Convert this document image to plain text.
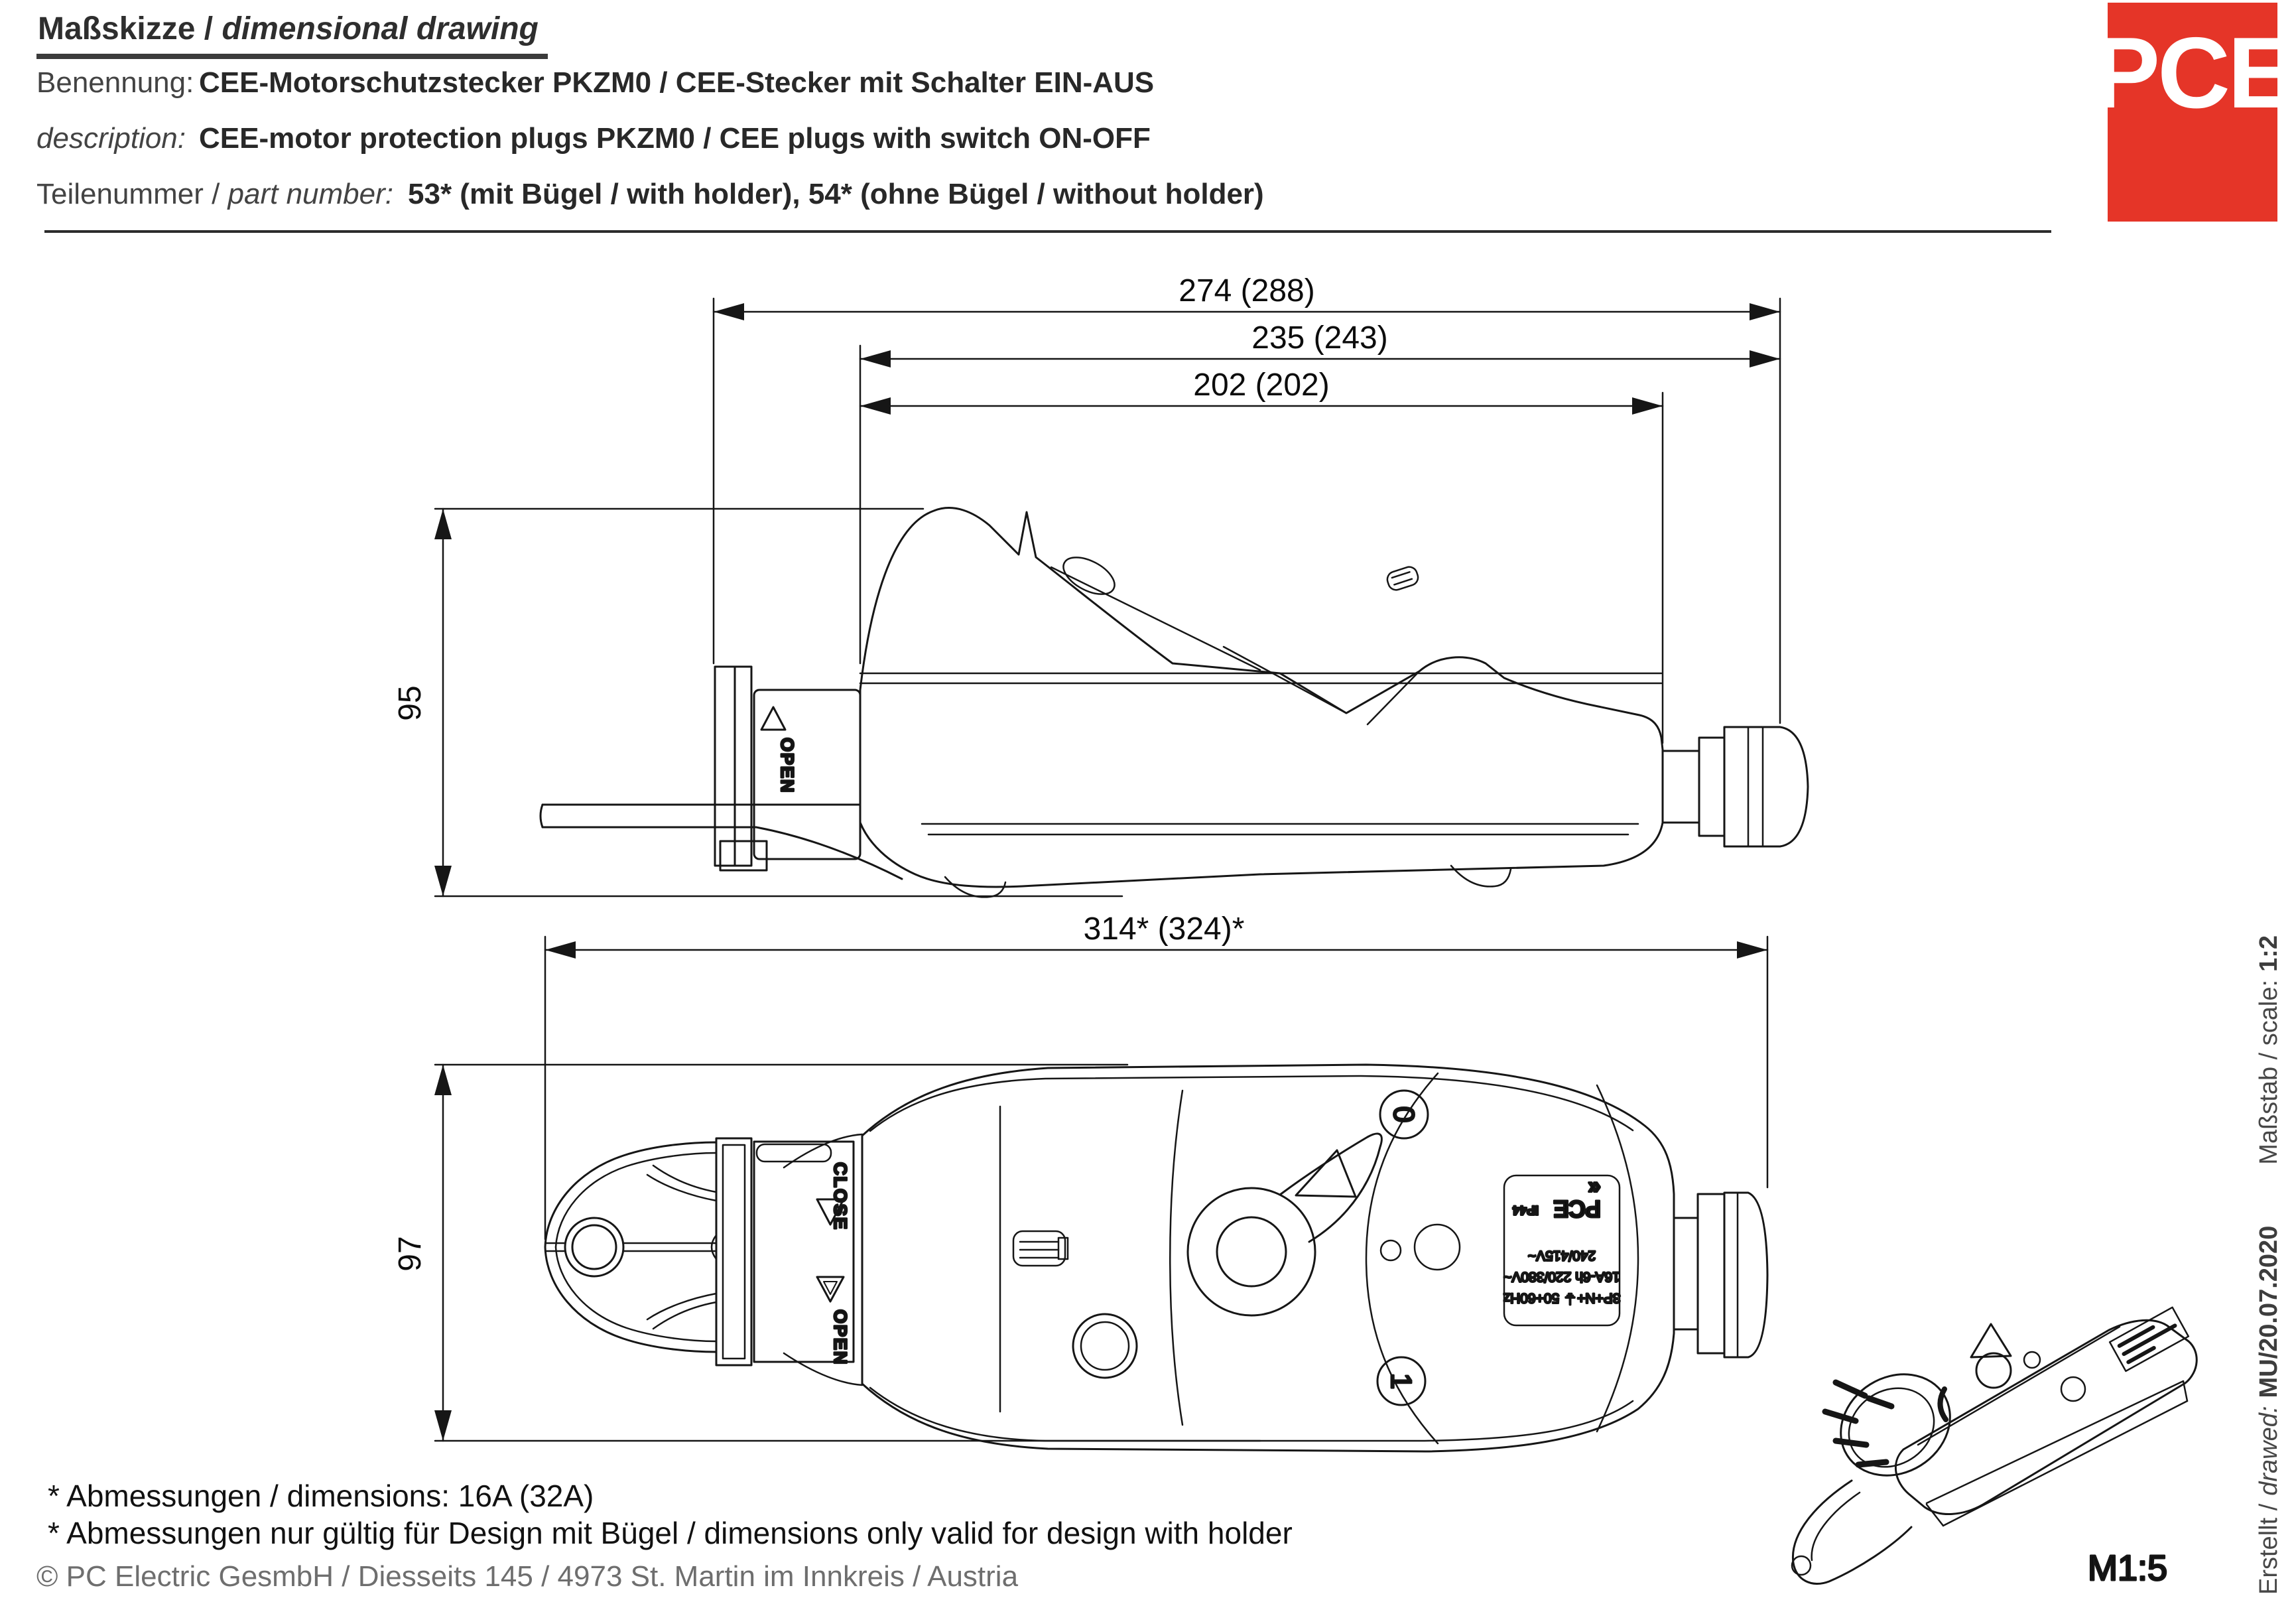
Maßskizze / dimensional drawing
Benennung: CEE-Motorschutzstecker PKZM0 / CEE-Stecker mit Schalter EIN-AUS
description: CEE-motor protection plugs PKZM0 / CEE plugs with switch ON-OFF
Teilenummer / part number: 53* (mit Bügel / with holder), 54* (ohne Bügel / without holder)
PCE
OPEN
CLOSE
OPEN
0
1
3P+N+⏚ 50+60Hz
16A-6h 220/380V~
240/415V~
PCE
IP44
«
M1:5
274 (288)
235 (243)
202 (202)
95
314* (324)*
97
* Abmessungen / dimensions: 16A (32A)
* Abmessungen nur gültig für Design mit Bügel / dimensions only valid for design with holder
© PC Electric GesmbH / Diesseits 145 / 4973 St. Martin im Innkreis / Austria	Erstellt /drawed:MU/20.07.2020Maßstab / scale:1:2
